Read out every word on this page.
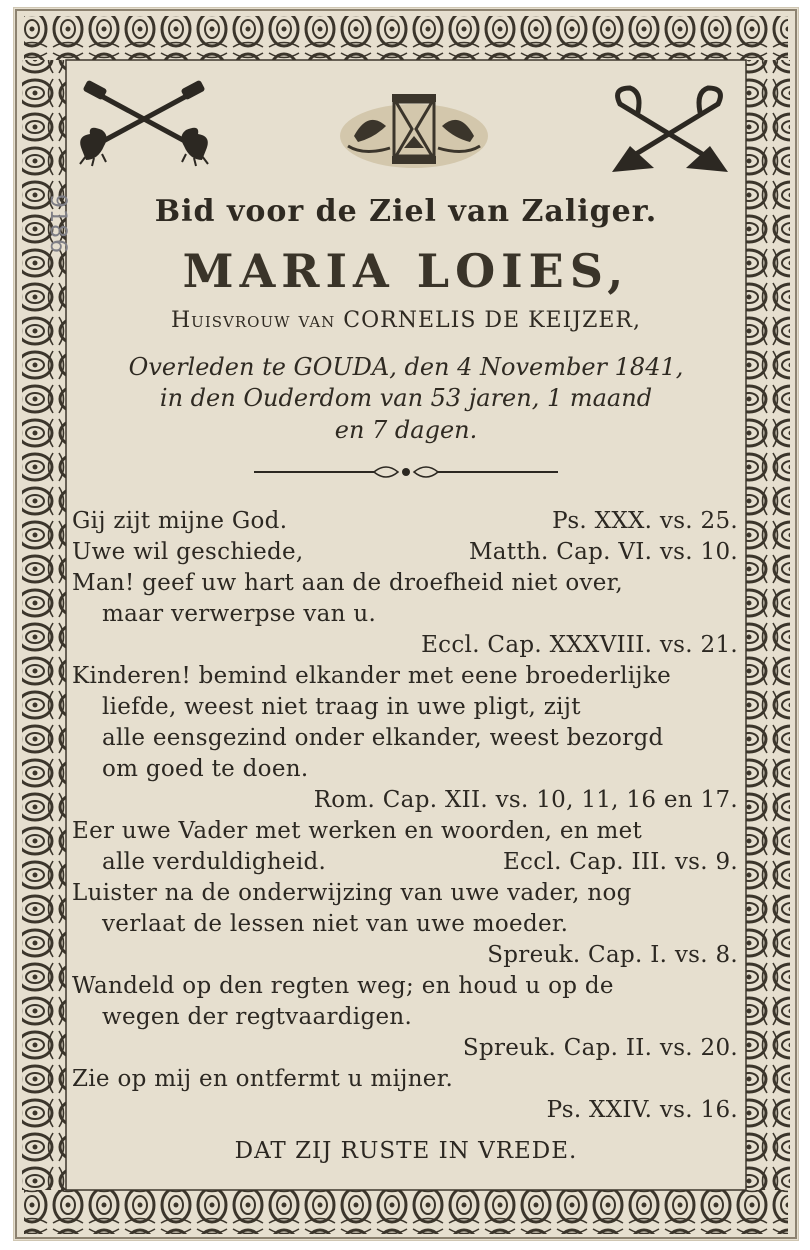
9186	Bid voor de Ziel van Zaliger.
MARIA LOIES,
Huisvrouw van CORNELIS DE KEIJZER,
Overleden te GOUDA, den 4 November 1841,
in den Ouderdom van 53 jaren, 1 maand
en 7 dagen.
Gij zijt mijne God.	Ps. XXX. vs. 25.
Uwe wil geschiede,	Matth. Cap. VI. vs. 10.
Man! geef uw hart aan de droefheid niet over,
maar verwerpse van u.
Eccl. Cap. XXXVIII. vs. 21.
Kinderen! bemind elkander met eene broederlijke
liefde, weest niet traag in uwe pligt, zijt
alle eensgezind onder elkander, weest bezorgd
om goed te doen.
Rom. Cap. XII. vs. 10, 11, 16 en 17.
Eer uwe Vader met werken en woorden, en met
alle verduldigheid.	Eccl. Cap. III. vs. 9.
Luister na de onderwijzing van uwe vader, nog
verlaat de lessen niet van uwe moeder.
Spreuk. Cap. I. vs. 8.
Wandeld op den regten weg; en houd u op de
wegen der regtvaardigen.
Spreuk. Cap. II. vs. 20.
Zie op mij en ontfermt u mijner.
Ps. XXIV. vs. 16.
DAT ZIJ RUSTE IN VREDE.
